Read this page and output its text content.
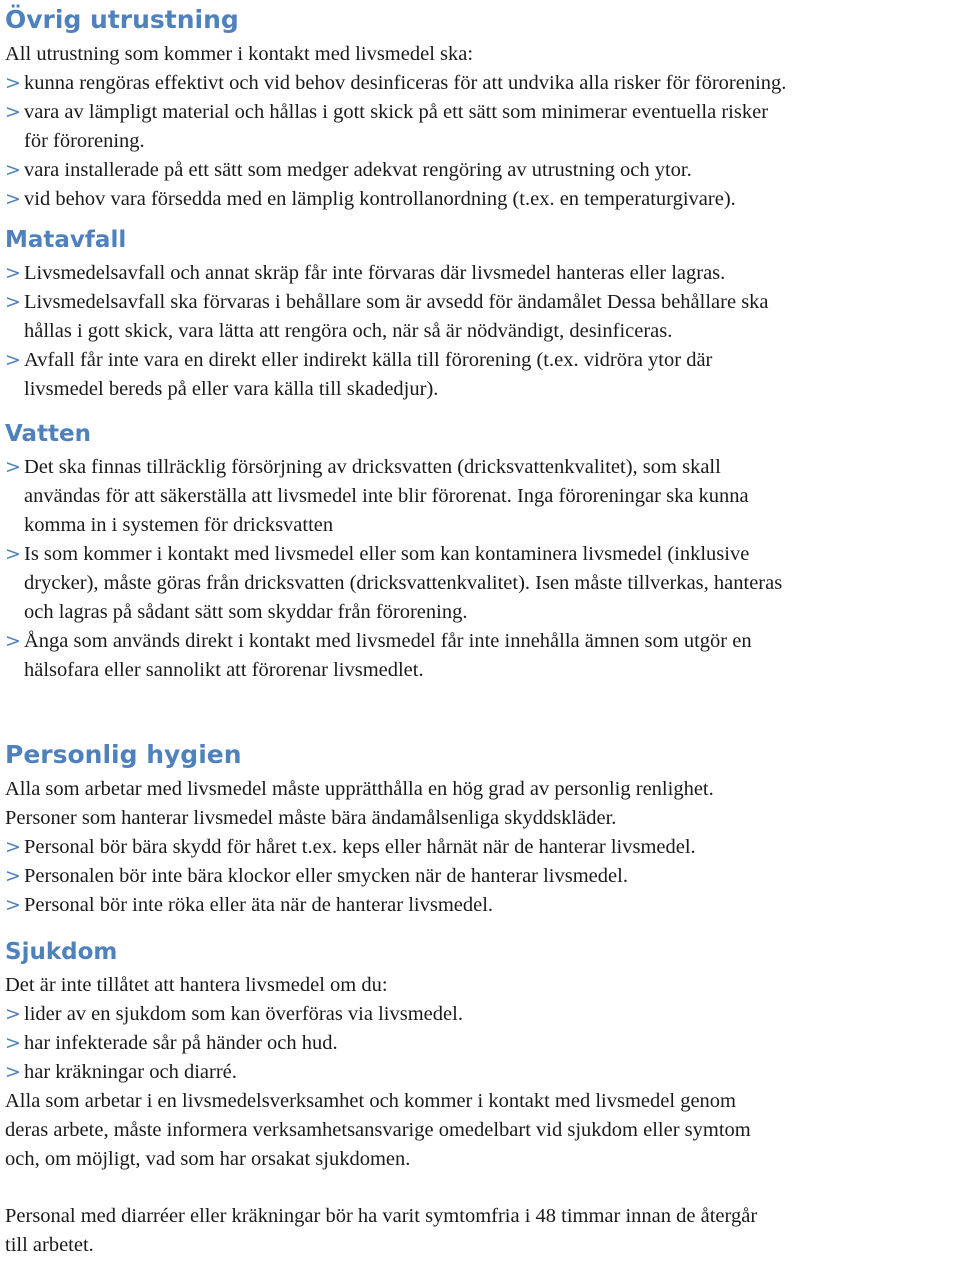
Övrig utrustning

All utrustning som kommer i kontakt med livsmedel ska:

> kunna rengöras effektivt och vid behov desinficeras för att undvika alla risker för förorening.
> vara av lämpligt material och hållas i gott skick på ett sätt som minimerar eventuella risker
för förorening.
> vara installerade på ett sätt som medger adekvat rengöring av utrustning och ytor.
> vid behov vara försedda med en lämplig kontrollanordning (t.ex. en temperaturgivare).
Matavfall
> Livsmedelsavfall och annat skräp får inte förvaras där livsmedel hanteras eller lagras.
> Livsmedelsavfall ska förvaras i behållare som är avsedd för ändamålet Dessa behållare ska
hållas i gott skick, vara lätta att rengöra och, när så är nödvändigt, desinficeras.
> Avfall får inte vara en direkt eller indirekt källa till förorening (t.ex. vidröra ytor där
livsmedel bereds på eller vara källa till skadedjur).
Vatten
> Det ska finnas tillräcklig försörjning av dricksvatten (dricksvattenkvalitet), som skall
användas för att säkerställa att livsmedel inte blir förorenat. Inga föroreningar ska kunna
komma in i systemen för dricksvatten
> Is som kommer i kontakt med livsmedel eller som kan kontaminera livsmedel (inklusive
drycker), måste göras från dricksvatten (dricksvattenkvalitet). Isen måste tillverkas, hanteras
och lagras på sådant sätt som skyddar från förorening.
> Ånga som används direkt i kontakt med livsmedel får inte innehålla ämnen som utgör en
hälsofara eller sannolikt att förorenar livsmedlet.
Personlig hygien

Alla som arbetar med livsmedel måste upprätthålla en hög grad av personlig renlighet.

Personer som hanterar livsmedel måste bära ändamålsenliga skyddskläder.

> Personal bör bära skydd för håret t.ex. keps eller hårnät när de hanterar livsmedel.
> Personalen bör inte bära klockor eller smycken när de hanterar livsmedel.
> Personal bör inte röka eller äta när de hanterar livsmedel.
Sjukdom

Det är inte tillåtet att hantera livsmedel om du:

> lider av en sjukdom som kan överföras via livsmedel.
> har infekterade sår på händer och hud.
> har kräkningar och diarré.

Alla som arbetar i en livsmedelsverksamhet och kommer i kontakt med livsmedel genom

deras arbete, måste informera verksamhetsansvarige omedelbart vid sjukdom eller symtom

och, om möjligt, vad som har orsakat sjukdomen.

Personal med diarréer eller kräkningar bör ha varit symtomfria i 48 timmar innan de återgår

till arbetet.
